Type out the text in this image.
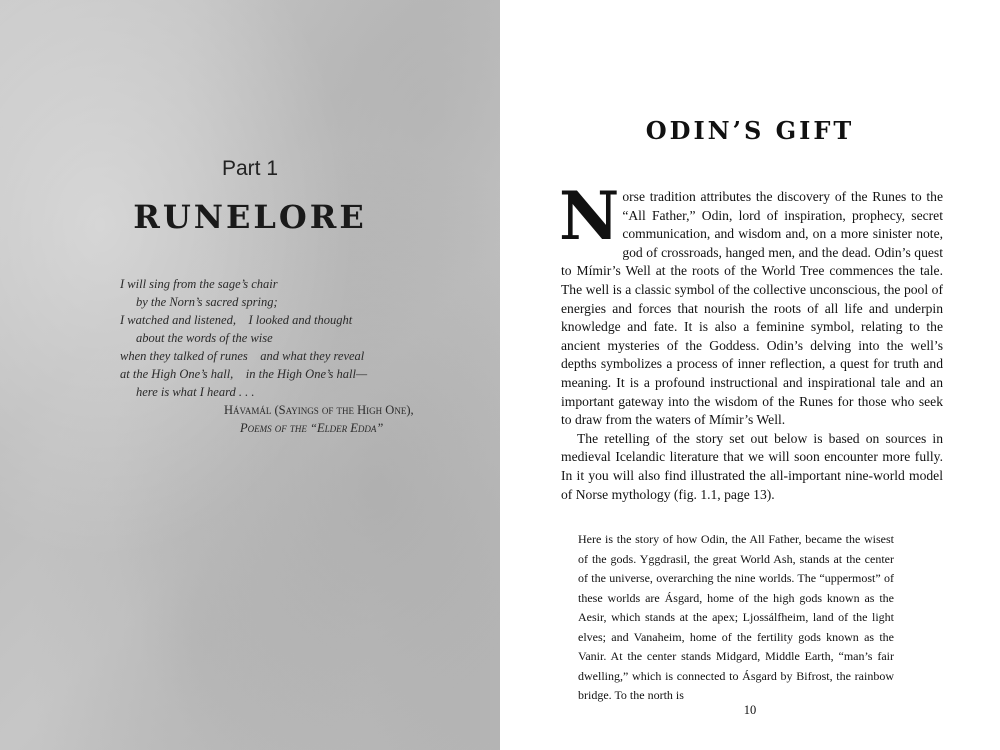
Part 1
RUNELORE
I will sing from the sage’s chair
by the Norn’s sacred spring;
I watched and listened,    I looked and thought
about the words of the wise
when they talked of runes    and what they reveal
at the High One’s hall,    in the High One’s hall—
here is what I heard . . .
Hávamál (Sayings of the High One),
Poems of the “Elder Edda”
ODIN’S GIFT

Norse tradition attributes the discovery of the Runes to the “All Father,” Odin, lord of inspiration, prophecy, secret communication, and wisdom and, on a more sinister note, god of crossroads, hanged men, and the dead. Odin’s quest to Mímir’s Well at the roots of the World Tree commences the tale. The well is a classic symbol of the collective unconscious, the pool of energies and forces that nourish the roots of all life and underpin knowledge and fate. It is also a feminine symbol, relating to the ancient mysteries of the Goddess. Odin’s delving into the well’s depths symbolizes a process of inner reflection, a quest for truth and meaning. It is a profound instructional and inspirational tale and an important gateway into the wisdom of the Runes for those who seek to draw from the waters of Mímir’s Well.

The retelling of the story set out below is based on sources in medieval Icelandic literature that we will soon encounter more fully. In it you will also find illustrated the all-important nine-world model of Norse mythology (fig. 1.1, page 13).

Here is the story of how Odin, the All Father, became the wisest of the gods. Yggdrasil, the great World Ash, stands at the center of the universe, overarching the nine worlds. The “uppermost” of these worlds are Ásgard, home of the high gods known as the Aesir, which stands at the apex; Ljossálfheim, land of the light elves; and Vanaheim, home of the fertility gods known as the Vanir. At the center stands Midgard, Middle Earth, “man’s fair dwelling,” which is connected to Ásgard by Bifrost, the rainbow bridge. To the north is
10
